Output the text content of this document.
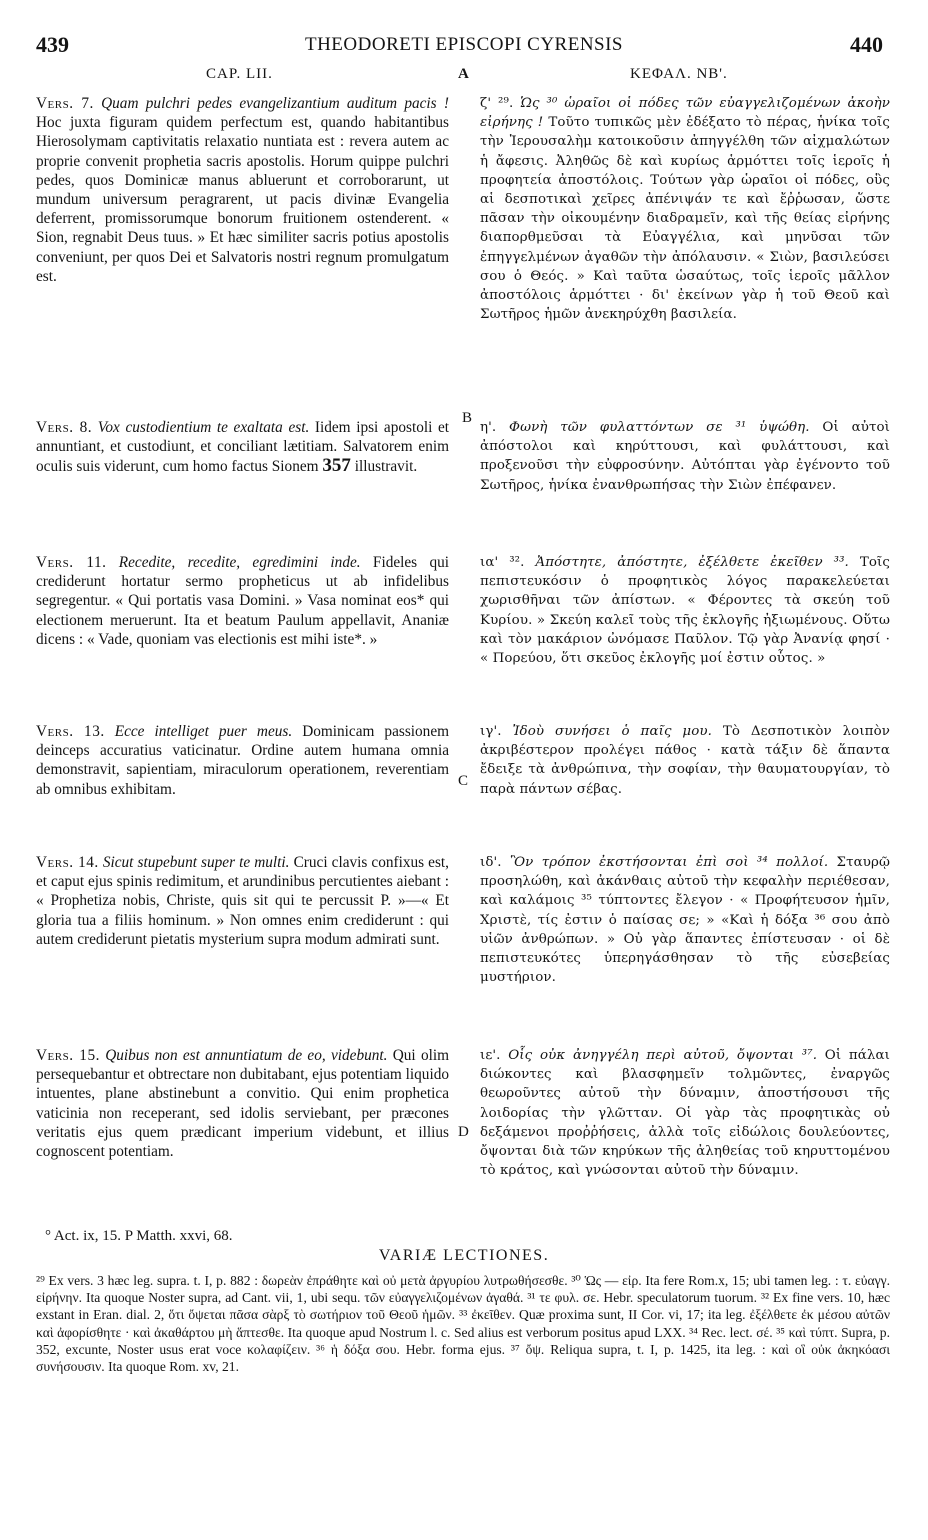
439	THEODORETI EPISCOPI CYRENSIS	440
CAP. LII.	ΚΕΦΑΛ. ΝΒ'.
A
B
C
D

Vers. 7. Quam pulchri pedes evangelizantium auditum pacis ! Hoc juxta figuram quidem perfectum est, quando habitantibus Hierosolymam captivitatis relaxatio nuntiata est : revera autem ac proprie convenit prophetia sacris apostolis. Horum quippe pulchri pedes, quos Dominicæ manus abluerunt et corroborarunt, ut mundum universum peragrarent, ut pacis divinæ Evangelia deferrent, promissorumque bonorum fruitionem ostenderent. « Sion, regnabit Deus tuus. » Et hæc similiter sacris potius apostolis conveniunt, per quos Dei et Salvatoris nostri regnum promulgatum est.

Vers. 8. Vox custodientium te exaltata est. Iidem ipsi apostoli et annuntiant, et custodiunt, et conciliant lætitiam. Salvatorem enim oculis suis viderunt, cum homo factus Sionem 357 illustravit.

Vers. 11. Recedite, recedite, egredimini inde. Fideles qui crediderunt hortatur sermo propheticus ut ab infidelibus segregentur. « Qui portatis vasa Domini. » Vasa nominat eos* qui electionem meruerunt. Ita et beatum Paulum appellavit, Ananiæ dicens : « Vade, quoniam vas electionis est mihi iste*. »

Vers. 13. Ecce intelliget puer meus. Dominicam passionem deinceps accuratius vaticinatur. Ordine autem humana omnia demonstravit, sapientiam, miraculorum operationem, reverentiam ab omnibus exhibitam.

Vers. 14. Sicut stupebunt super te multi. Cruci clavis confixus est, et caput ejus spinis redimitum, et arundinibus percutientes aiebant : « Prophetiza nobis, Christe, quis sit qui te percussit P. »—« Et gloria tua a filiis hominum. » Non omnes enim crediderunt : qui autem crediderunt pietatis mysterium supra modum admirati sunt.

Vers. 15. Quibus non est annuntiatum de eo, videbunt. Qui olim persequebantur et obtrectare non dubitabant, ejus potentiam liquido intuentes, plane abstinebunt a convitio. Qui enim prophetica vaticinia non receperant, sed idolis serviebant, per præcones veritatis ejus quem prædicant imperium videbunt, et illius cognoscent potentiam.

ζ' ²⁹. Ὡς ³⁰ ὡραῖοι οἱ πόδες τῶν εὐαγγελιζομένων ἀκοὴν εἰρήνης ! Τοῦτο τυπικῶς μὲν ἐδέξατο τὸ πέρας, ἡνίκα τοῖς τὴν Ἱερουσαλὴμ κατοικοῦσιν ἀπηγγέλθη τῶν αἰχμαλώτων ἡ ἄφεσις. Ἀληθῶς δὲ καὶ κυρίως ἁρμόττει τοῖς ἱεροῖς ἡ προφητεία ἀποστόλοις. Τούτων γὰρ ὡραῖοι οἱ πόδες, οὓς αἱ δεσποτικαὶ χεῖρες ἀπένιψάν τε καὶ ἔῤῥωσαν, ὥστε πᾶσαν τὴν οἰκουμένην διαδραμεῖν, καὶ τῆς θείας εἰρήνης διαπορθμεῦσαι τὰ Εὐαγγέλια, καὶ μηνῦσαι τῶν ἐπηγγελμένων ἀγαθῶν τὴν ἀπόλαυσιν. « Σιὼν, βασιλεύσει σου ὁ Θεός. » Καὶ ταῦτα ὡσαύτως, τοῖς ἱεροῖς μᾶλλον ἀποστόλοις ἁρμόττει · δι' ἐκείνων γὰρ ἡ τοῦ Θεοῦ καὶ Σωτῆρος ἡμῶν ἀνεκηρύχθη βασιλεία.

η'. Φωνὴ τῶν φυλαττόντων σε ³¹ ὑψώθη. Οἱ αὐτοὶ ἀπόστολοι καὶ κηρύττουσι, καὶ φυλάττουσι, καὶ προξενοῦσι τὴν εὐφροσύνην. Αὐτόπται γὰρ ἐγένοντο τοῦ Σωτῆρος, ἡνίκα ἐνανθρωπήσας τὴν Σιὼν ἐπέφανεν.

ια' ³². Ἀπόστητε, ἀπόστητε, ἐξέλθετε ἐκεῖθεν ³³. Τοῖς πεπιστευκόσιν ὁ προφητικὸς λόγος παρακελεύεται χωρισθῆναι τῶν ἀπίστων. « Φέροντες τὰ σκεύη τοῦ Κυρίου. » Σκεύη καλεῖ τοὺς τῆς ἐκλογῆς ἠξιωμένους. Οὕτω καὶ τὸν μακάριον ὠνόμασε Παῦλον. Τῷ γὰρ Ἀνανίᾳ φησί · « Πορεύου, ὅτι σκεῦος ἐκλογῆς μοί ἐστιν οὗτος. »

ιγ'. Ἰδοὺ συνήσει ὁ παῖς μου. Τὸ Δεσποτικὸν λοιπὸν ἀκριβέστερον προλέγει πάθος · κατὰ τάξιν δὲ ἅπαντα ἔδειξε τὰ ἀνθρώπινα, τὴν σοφίαν, τὴν θαυματουργίαν, τὸ παρὰ πάντων σέβας.

ιδ'. Ὃν τρόπον ἐκστήσονται ἐπὶ σοὶ ³⁴ πολλοί. Σταυρῷ προσηλώθη, καὶ ἀκάνθαις αὐτοῦ τὴν κεφαλὴν περιέθεσαν, καὶ καλάμοις ³⁵ τύπτοντες ἔλεγον · « Προφήτευσον ἡμῖν, Χριστὲ, τίς ἐστιν ὁ παίσας σε; » «Καὶ ἡ δόξα ³⁶ σου ἀπὸ υἱῶν ἀνθρώπων. » Οὐ γὰρ ἅπαντες ἐπίστευσαν · οἱ δὲ πεπιστευκότες ὑπερηγάσθησαν τὸ τῆς εὐσεβείας μυστήριον.

ιε'. Οἷς οὐκ ἀνηγγέλη περὶ αὐτοῦ, ὄψονται ³⁷. Οἱ πάλαι διώκοντες καὶ βλασφημεῖν τολμῶντες, ἐναργῶς θεωροῦντες αὐτοῦ τὴν δύναμιν, ἀποστήσουσι τῆς λοιδορίας τὴν γλῶτταν. Οἱ γὰρ τὰς προφητικὰς οὐ δεξάμενοι προῤῥήσεις, ἀλλὰ τοῖς εἰδώλοις δουλεύοντες, ὄψονται διὰ τῶν κηρύκων τῆς ἀληθείας τοῦ κηρυττομένου τὸ κράτος, καὶ γνώσονται αὐτοῦ τὴν δύναμιν.

° Act. ix, 15. P Matth. xxvi, 68.
VARIÆ LECTIONES.
²⁹ Ex vers. 3 hæc leg. supra. t. I, p. 882 : δωρεὰν ἐπράθητε καὶ οὐ μετὰ ἀργυρίου λυτρωθήσεσθε. ³⁰ Ὡς — εἰρ. Ita fere Rom.x, 15; ubi tamen leg. : τ. εὐαγγ. εἰρήνην. Ita quoque Noster supra, ad Cant. vii, 1, ubi sequ. τῶν εὐαγγελιζομένων ἀγαθά. ³¹ τε φυλ. σε. Hebr. speculatorum tuorum. ³² Ex fine vers. 10, hæc exstant in Eran. dial. 2, ὅτι ὄψεται πᾶσα σὰρξ τὸ σωτήριον τοῦ Θεοῦ ἡμῶν. ³³ ἐκεῖθεν. Quæ proxima sunt, II Cor. vi, 17; ita leg. ἐξέλθετε ἐκ μέσου αὐτῶν καὶ ἀφορίσθητε · καὶ ἀκαθάρτου μὴ ἅπτεσθε. Ita quoque apud Nostrum l. c. Sed alius est verborum positus apud LXX. ³⁴ Rec. lect. σέ. ³⁵ καὶ τύπτ. Supra, p. 352, excunte, Noster usus erat voce κολαφίζειν. ³⁶ ἡ δόξα σου. Hebr. forma ejus. ³⁷ ὄψ. Reliqua supra, t. I, p. 1425, ita leg. : καὶ οἳ οὐκ ἀκηκόασι συνήσουσιν. Ita quoque Rom. xv, 21.
